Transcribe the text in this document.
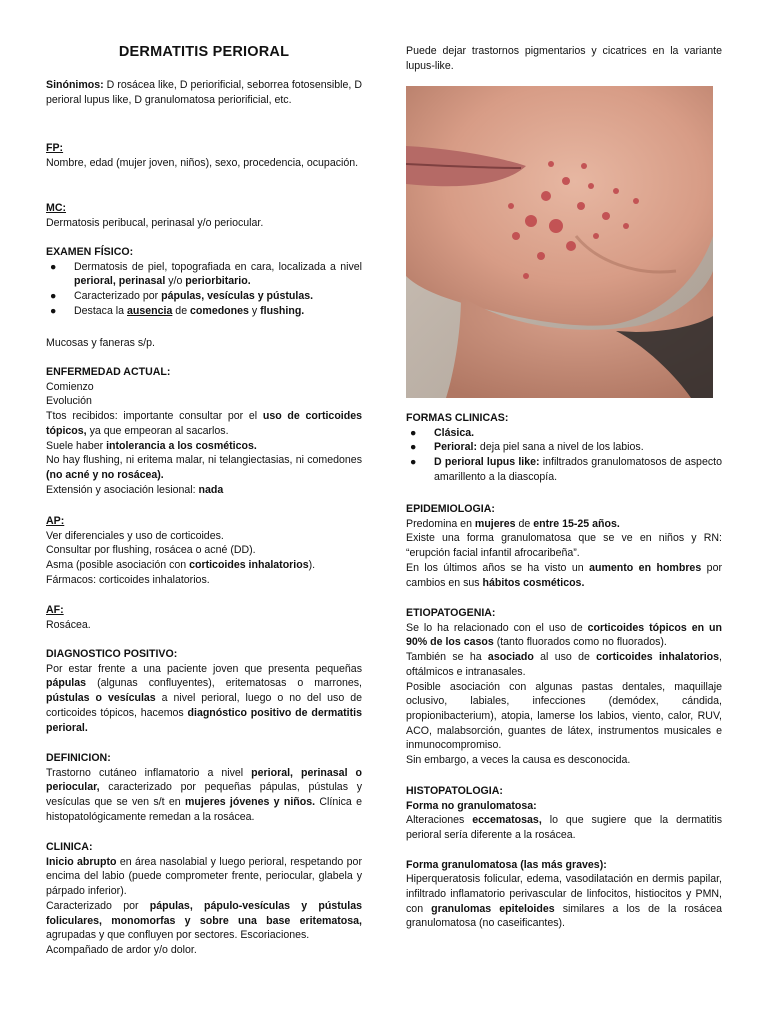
DERMATITIS PERIORAL

Sinónimos: D rosácea like, D periorificial, seborrea fotosensible, D perioral lupus like, D granulomatosa periorificial, etc.

FP:

Nombre, edad (mujer joven, niños), sexo, procedencia, ocupación.

MC:

Dermatosis peribucal, perinasal y/o periocular.

EXAMEN FÍSICO:

● Dermatosis de piel, topografiada en cara, localizada a nivel perioral, perinasal y/o periorbitario.
● Caracterizado por pápulas, vesículas y pústulas.
● Destaca la ausencia de comedones y flushing.

Mucosas y faneras s/p.

ENFERMEDAD ACTUAL:

Comienzo

Evolución

Ttos recibidos: importante consultar por el uso de corticoides tópicos, ya que empeoran al sacarlos.

Suele haber intolerancia a los cosméticos.

No hay flushing, ni eritema malar, ni telangiectasias, ni comedones (no acné y no rosácea).

Extensión y asociación lesional: nada

AP:

Ver diferenciales y uso de corticoides.

Consultar por flushing, rosácea o acné (DD).

Asma (posible asociación con corticoides inhalatorios).

Fármacos: corticoides inhalatorios.

AF:

Rosácea.

DIAGNOSTICO POSITIVO:

Por estar frente a una paciente joven que presenta pequeñas pápulas (algunas confluyentes), eritematosas o marrones, pústulas o vesículas a nivel perioral, luego o no del uso de corticoides tópicos, hacemos diagnóstico positivo de dermatitis perioral.

DEFINICION:

Trastorno cutáneo inflamatorio a nivel perioral, perinasal o periocular, caracterizado por pequeñas pápulas, pústulas y vesículas que se ven s/t en mujeres jóvenes y niños. Clínica e histopatológicamente remedan a la rosácea.

CLINICA:

Inicio abrupto en área nasolabial y luego perioral, respetando por encima del labio (puede comprometer frente, periocular, glabela y párpado inferior).

Caracterizado por pápulas, pápulo-vesículas y pústulas foliculares, monomorfas y sobre una base eritematosa, agrupadas y que confluyen por sectores. Escoriaciones.

Acompañado de ardor y/o dolor.

Puede dejar trastornos pigmentarios y cicatrices en la variante lupus-like.

FORMAS CLINICAS:

● Clásica.
● Perioral: deja piel sana a nivel de los labios.
● D perioral lupus like: infiltrados granulomatosos de aspecto amarillento a la diascopía.

EPIDEMIOLOGIA:

Predomina en mujeres de entre 15-25 años.

Existe una forma granulomatosa que se ve en niños y RN: “erupción facial infantil afrocaribeña”.

En los últimos años se ha visto un aumento en hombres por cambios en sus hábitos cosméticos.

ETIOPATOGENIA:

Se lo ha relacionado con el uso de corticoides tópicos en un 90% de los casos (tanto fluorados como no fluorados).

También se ha asociado al uso de corticoides inhalatorios, oftálmicos e intranasales.

Posible asociación con algunas pastas dentales, maquillaje oclusivo, labiales, infecciones (demódex, cándida, propionibacterium), atopia, lamerse los labios, viento, calor, RUV, ACO, malabsorción, guantes de látex, instrumentos musicales e inmunocompromiso.

Sin embargo, a veces la causa es desconocida.

HISTOPATOLOGIA:

Forma no granulomatosa:

Alteraciones eccematosas, lo que sugiere que la dermatitis perioral sería diferente a la rosácea.

Forma granulomatosa (las más graves):

Hiperqueratosis folicular, edema, vasodilatación en dermis papilar, infiltrado inflamatorio perivascular de linfocitos, histiocitos y PMN, con granulomas epiteloides similares a los de la rosácea granulomatosa (no caseificantes).
